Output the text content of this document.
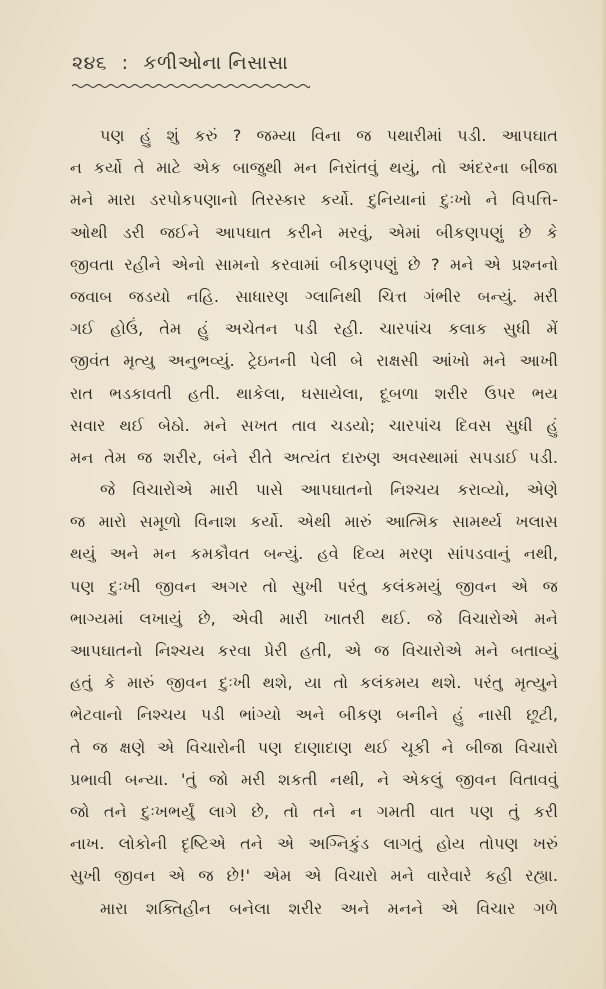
૨૪૬ : કળીઓના નિસાસા
પણ હું શું કરું ? જમ્યા વિના જ પથારીમાં પડી. આપઘાત
ન કર્યો તે માટે એક બાજુથી મન નિરાંતવું થયું, તો અંદરના બીજા
મને મારા ડરપોકપણાનો તિરસ્કાર કર્યો. દુનિયાનાં દુઃખો ને વિપત્તિ-
ઓથી ડરી જઈને આપઘાત કરીને મરવું, એમાં બીકણપણું છે કે
જીવતા રહીને એનો સામનો કરવામાં બીકણપણું છે ? મને એ પ્રશ્નનો
જવાબ જડયો નહિ. સાધારણ ગ્લાનિથી ચિત્ત ગંભીર બન્યું. મરી
ગઈ હોઉં, તેમ હું અચેતન પડી રહી. ચારપાંચ કલાક સુધી મેં
જીવંત મૃત્યુ અનુભવ્યું. ટ્રેઇનની પેલી બે રાક્ષસી આંખો મને આખી
રાત ભડકાવતી હતી. થાકેલા, ઘસાયેલા, દૂબળા શરીર ઉપર ભય
સવાર થઈ બેઠો. મને સખત તાવ ચડયો; ચારપાંચ દિવસ સુધી હું
મન તેમ જ શરીર, બંને રીતે અત્યંત દારુણ અવસ્થામાં સપડાઈ પડી.
જે વિચારોએ મારી પાસે આપઘાતનો નિશ્ચય કરાવ્યો, એણે
જ મારો સમૂળો વિનાશ કર્યો. એથી મારું આત્મિક સામર્થ્ય ખલાસ
થયું અને મન કમકૌવત બન્યું. હવે દિવ્ય મરણ સાંપડવાનું નથી,
પણ દુઃખી જીવન અગર તો સુખી પરંતુ કલંકમયું જીવન એ જ
ભાગ્યમાં લખાયું છે, એવી મારી ખાતરી થઈ. જે વિચારોએ મને
આપઘાતનો નિશ્ચય કરવા પ્રેરી હતી, એ જ વિચારોએ મને બતાવ્યું
હતું કે મારું જીવન દુઃખી થશે, યા તો કલંકમય થશે. પરંતુ મૃત્યુને
ભેટવાનો નિશ્ચય પડી ભાંગ્યો અને બીકણ બનીને હું નાસી છૂટી,
તે જ ક્ષણે એ વિચારોની પણ દાણાદાણ થઈ ચૂકી ને બીજા વિચારો
પ્રભાવી બન્યા. 'તું જો મરી શકતી નથી, ને એકલું જીવન વિતાવવું
જો તને દુઃખભર્યું લાગે છે, તો તને ન ગમતી વાત પણ તું કરી
નાખ. લોકોની દૃષ્ટિએ તને એ અગ્નિકુંડ લાગતું હોય તોપણ ખરું
સુખી જીવન એ જ છે!' એમ એ વિચારો મને વારેવારે કહી રહ્યા.
મારા શક્તિહીન બનેલા શરીર અને મનને એ વિચાર ગળે
